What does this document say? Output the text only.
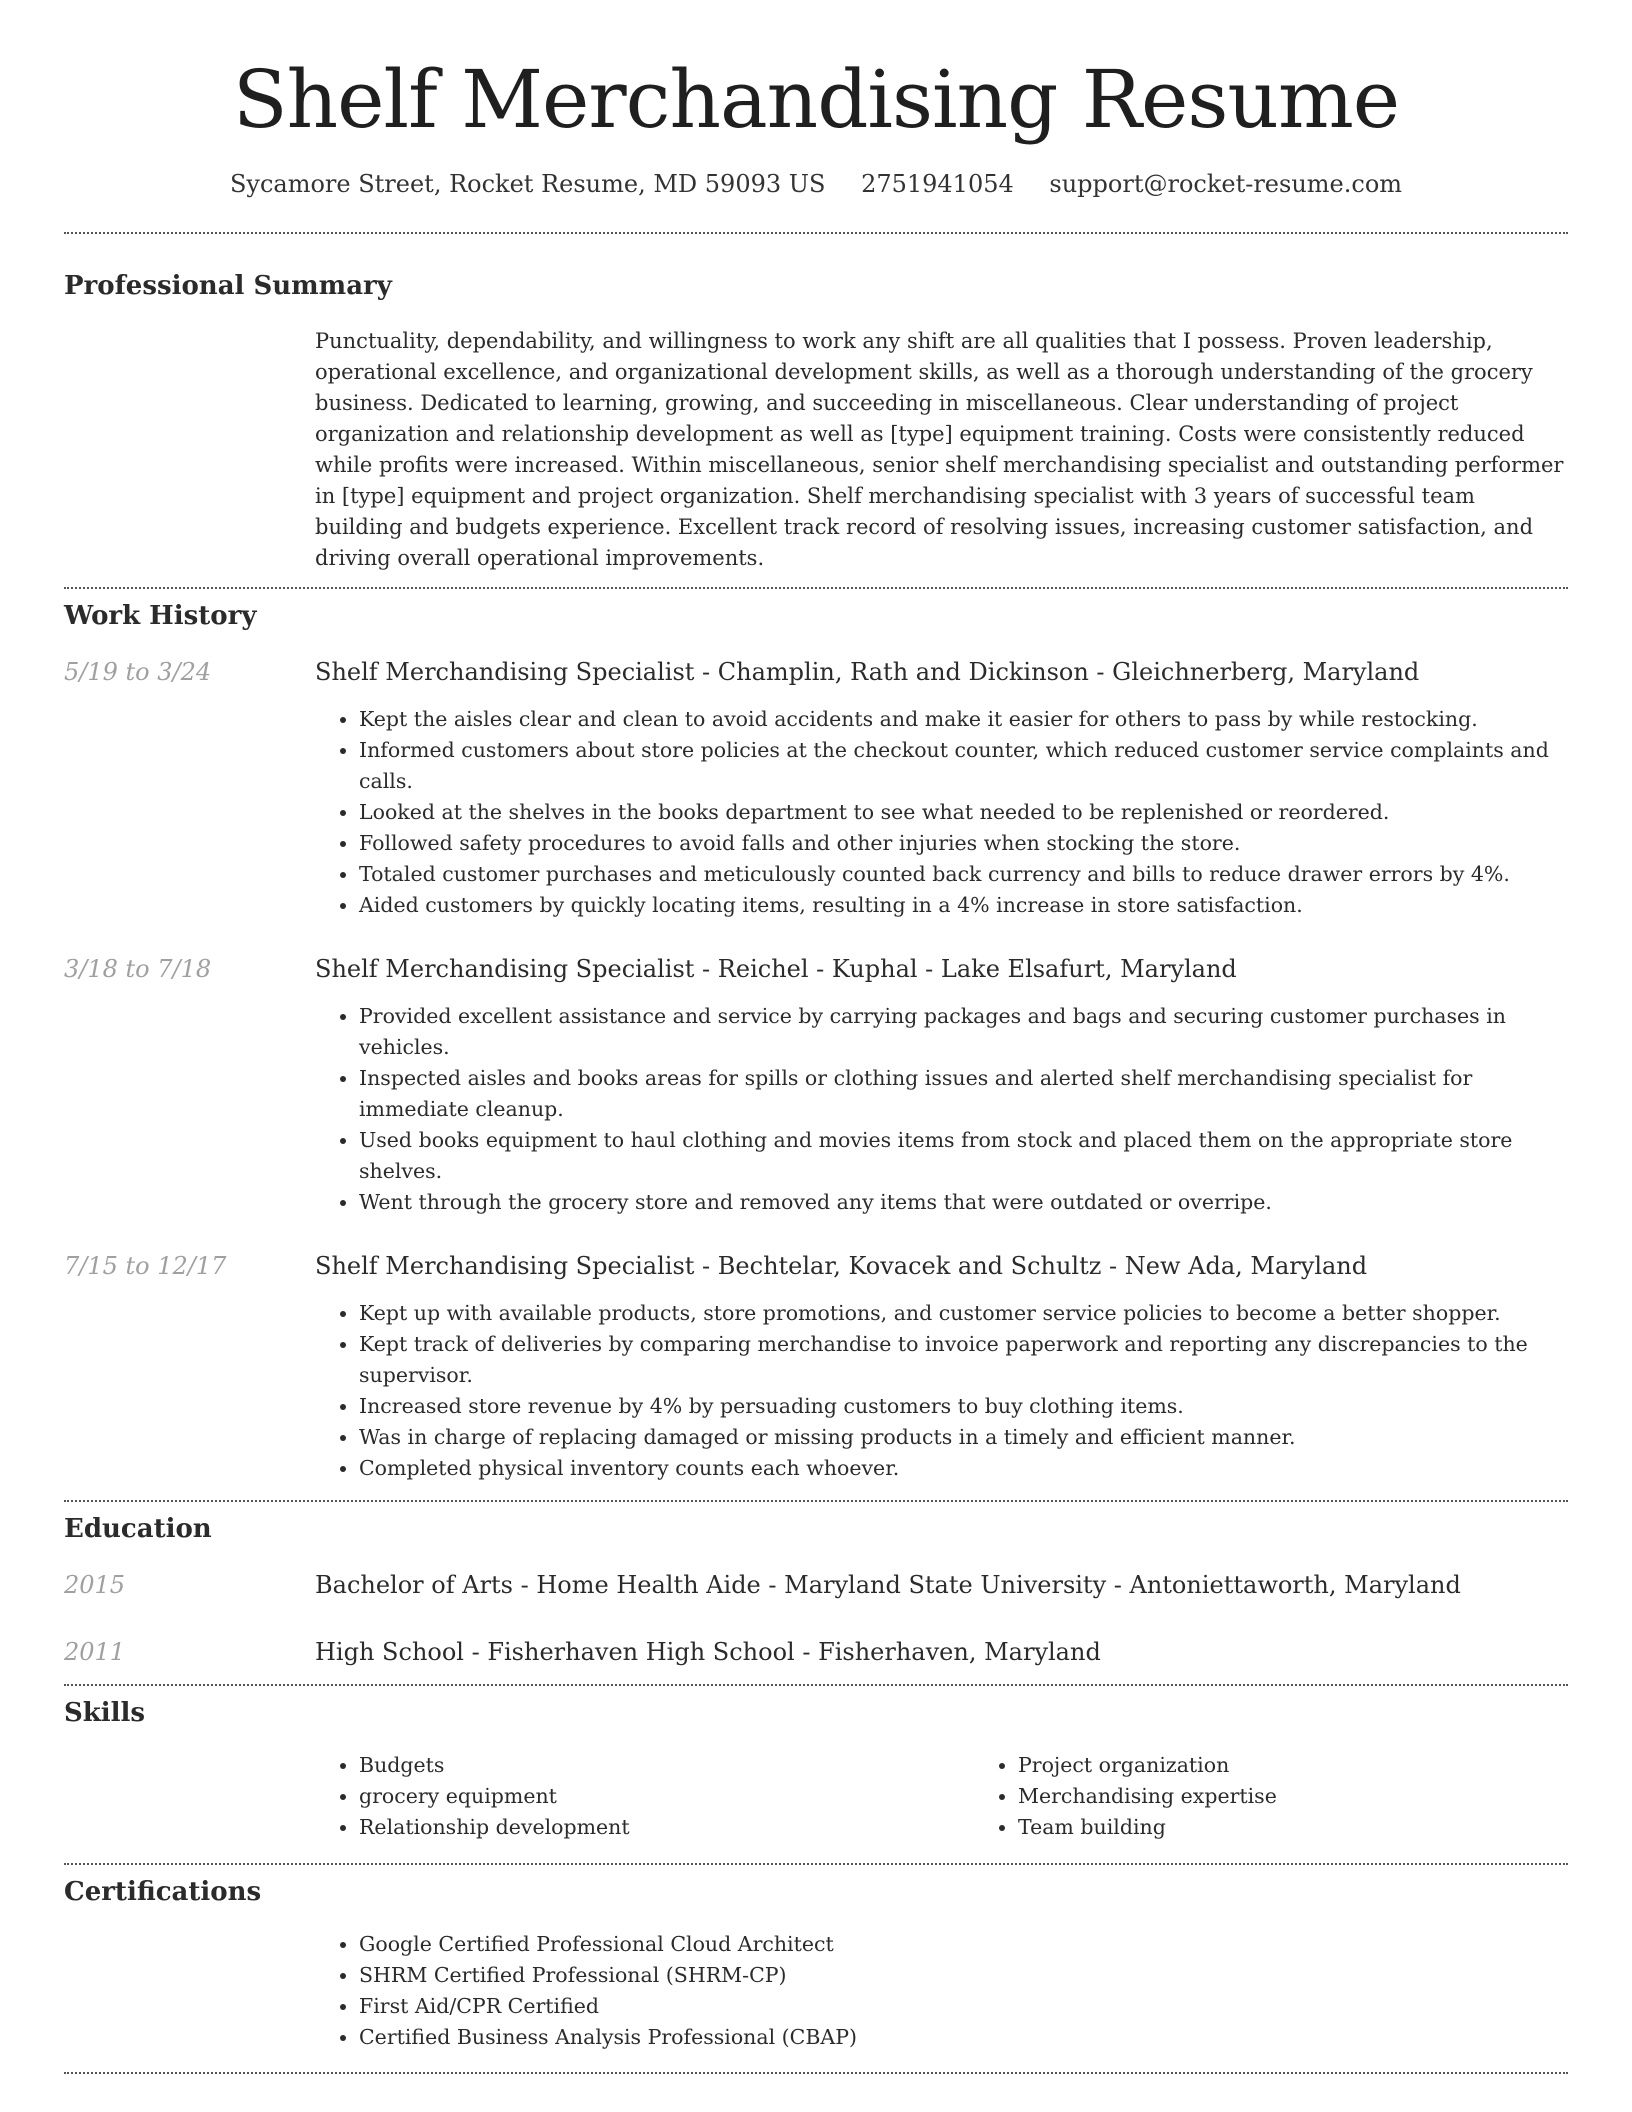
Shelf Merchandising Resume
Sycamore Street, Rocket Resume, MD 59093 US 2751941054 support@rocket-resume.com
Professional Summary

Punctuality, dependability, and willingness to work any shift are all qualities that I possess. Proven leadership, operational excellence, and organizational development skills, as well as a thorough understanding of the grocery business. Dedicated to learning, growing, and succeeding in miscellaneous. Clear understanding of project organization and relationship development as well as [type] equipment training. Costs were consistently reduced while profits were increased. Within miscellaneous, senior shelf merchandising specialist and outstanding performer in [type] equipment and project organization. Shelf merchandising specialist with 3 years of successful team building and budgets experience. Excellent track record of resolving issues, increasing customer satisfaction, and driving overall operational improvements.

Work History
5/19 to 3/24	Shelf Merchandising Specialist - Champlin, Rath and Dickinson - Gleichnerberg, Maryland
• Kept the aisles clear and clean to avoid accidents and make it easier for others to pass by while restocking.
• Informed customers about store policies at the checkout counter, which reduced customer service complaints and calls.
• Looked at the shelves in the books department to see what needed to be replenished or reordered.
• Followed safety procedures to avoid falls and other injuries when stocking the store.
• Totaled customer purchases and meticulously counted back currency and bills to reduce drawer errors by 4%.
• Aided customers by quickly locating items, resulting in a 4% increase in store satisfaction.
3/18 to 7/18	Shelf Merchandising Specialist - Reichel - Kuphal - Lake Elsafurt, Maryland
• Provided excellent assistance and service by carrying packages and bags and securing customer purchases in vehicles.
• Inspected aisles and books areas for spills or clothing issues and alerted shelf merchandising specialist for immediate cleanup.
• Used books equipment to haul clothing and movies items from stock and placed them on the appropriate store shelves.
• Went through the grocery store and removed any items that were outdated or overripe.
7/15 to 12/17	Shelf Merchandising Specialist - Bechtelar, Kovacek and Schultz - New Ada, Maryland
• Kept up with available products, store promotions, and customer service policies to become a better shopper.
• Kept track of deliveries by comparing merchandise to invoice paperwork and reporting any discrepancies to the supervisor.
• Increased store revenue by 4% by persuading customers to buy clothing items.
• Was in charge of replacing damaged or missing products in a timely and efficient manner.
• Completed physical inventory counts each whoever.
Education
2015	Bachelor of Arts - Home Health Aide - Maryland State University - Antoniettaworth, Maryland
2011	High School - Fisherhaven High School - Fisherhaven, Maryland
Skills
• Budgets
• grocery equipment
• Relationship development
• Project organization
• Merchandising expertise
• Team building
Certifications
• Google Certified Professional Cloud Architect
• SHRM Certified Professional (SHRM-CP)
• First Aid/CPR Certified
• Certified Business Analysis Professional (CBAP)
